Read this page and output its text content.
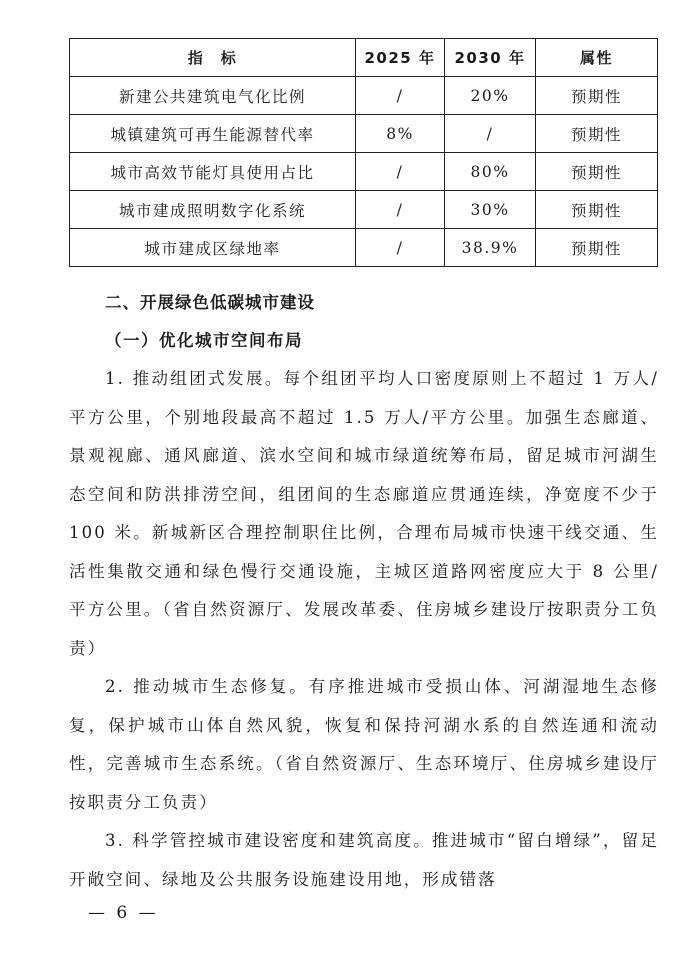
指　标	2025 年	2030 年	属性
新建公共建筑电气化比例	/	20%	预期性
城镇建筑可再生能源替代率	8%	/	预期性
城市高效节能灯具使用占比	/	80%	预期性
城市建成照明数字化系统	/	30%	预期性
城市建成区绿地率	/	38.9%	预期性
二、开展绿色低碳城市建设
（一）优化城市空间布局

1. 推动组团式发展。每个组团平均人口密度原则上不超过 1 万人/平方公里，个别地段最高不超过 1.5 万人/平方公里。加强生态廊道、景观视廊、通风廊道、滨水空间和城市绿道统筹布局，留足城市河湖生态空间和防洪排涝空间，组团间的生态廊道应贯通连续，净宽度不少于 100 米。新城新区合理控制职住比例，合理布局城市快速干线交通、生活性集散交通和绿色慢行交通设施，主城区道路网密度应大于 8 公里/平方公里。（省自然资源厅、发展改革委、住房城乡建设厅按职责分工负责）

2. 推动城市生态修复。有序推进城市受损山体、河湖湿地生态修复，保护城市山体自然风貌，恢复和保持河湖水系的自然连通和流动性，完善城市生态系统。（省自然资源厅、生态环境厅、住房城乡建设厅按职责分工负责）

3. 科学管控城市建设密度和建筑高度。推进城市“留白增绿”，留足开敞空间、绿地及公共服务设施建设用地，形成错落

— 6 —
